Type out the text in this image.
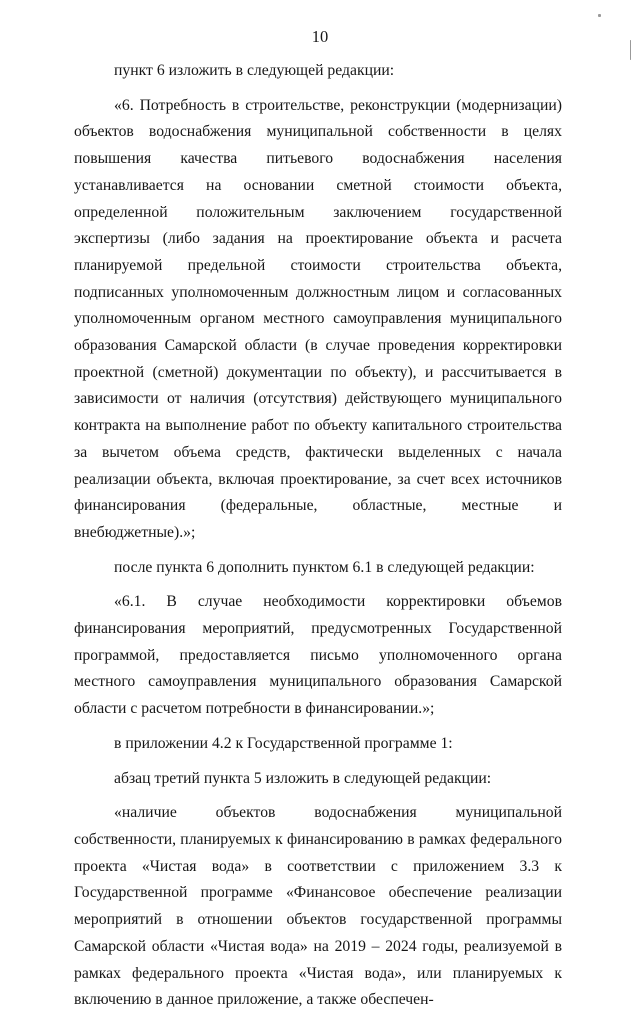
10

пункт 6 изложить в следующей редакции:

«6. Потребность в строительстве, реконструкции (модернизации) объектов водоснабжения муниципальной собственности в целях повышения качества питьевого водоснабжения населения устанавливается на основании сметной стоимости объекта, определенной положительным заключением государственной экспертизы (либо задания на проектирование объекта и расчета планируемой предельной стоимости строительства объекта, подписанных уполномоченным должностным лицом и согласованных уполномоченным органом местного самоуправления муниципального образования Самарской области (в случае проведения корректировки проектной (сметной) документации по объекту), и рассчитывается в зависимости от наличия (отсутствия) действующего муниципального контракта на выполнение работ по объекту капитального строительства за вычетом объема средств, фактически выделенных с начала реализации объекта, включая проектирование, за счет всех источников финансирования (федеральные, областные, местные и внебюджетные).»;

после пункта 6 дополнить пунктом 6.1 в следующей редакции:

«6.1. В случае необходимости корректировки объемов финансирования мероприятий, предусмотренных Государственной программой, предоставляется письмо уполномоченного органа местного самоуправления муниципального образования Самарской области с расчетом потребности в финансировании.»;

в приложении 4.2 к Государственной программе 1:

абзац третий пункта 5 изложить в следующей редакции:

«наличие объектов водоснабжения муниципальной собственности, планируемых к финансированию в рамках федерального проекта «Чистая вода» в соответствии с приложением 3.3 к Государственной программе «Финансовое обеспечение реализации мероприятий в отношении объектов государственной программы Самарской области «Чистая вода» на 2019 – 2024 годы, реализуемой в рамках федерального проекта «Чистая вода», или планируемых к включению в данное приложение, а также обеспечен-
